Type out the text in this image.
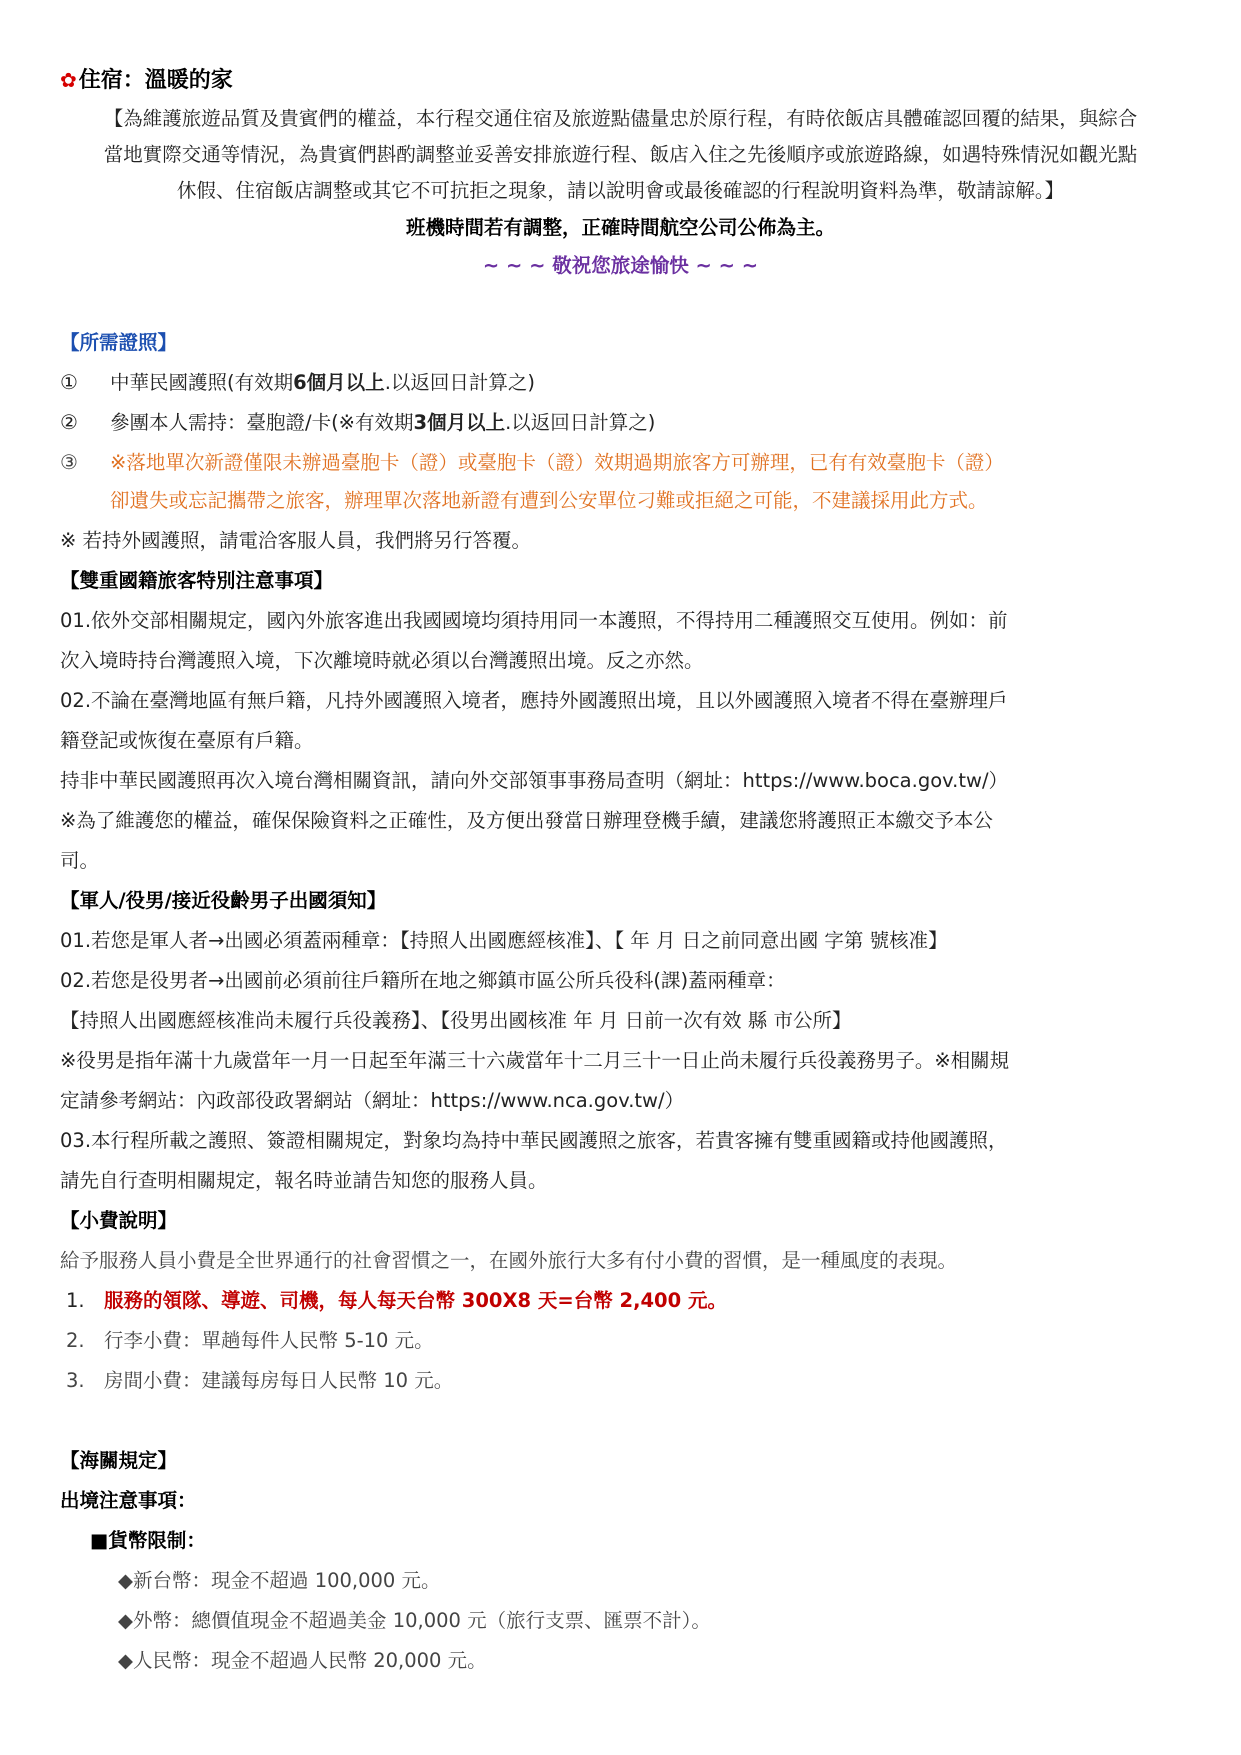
✿住宿：溫暖的家
【為維護旅遊品質及貴賓們的權益，本行程交通住宿及旅遊點儘量忠於原行程，有時依飯店具體確認回覆的結果，與綜合
當地實際交通等情況，為貴賓們斟酌調整並妥善安排旅遊行程、飯店入住之先後順序或旅遊路線，如遇特殊情況如觀光點
休假、住宿飯店調整或其它不可抗拒之現象，請以說明會或最後確認的行程說明資料為準，敬請諒解。】
班機時間若有調整，正確時間航空公司公佈為主。
~ ~ ~ 敬祝您旅途愉快 ~ ~ ~
【所需證照】
① 中華民國護照(有效期6個月以上.以返回日計算之)
② 參團本人需持：臺胞證/卡(※有效期3個月以上.以返回日計算之)
③ ※落地單次新證僅限未辦過臺胞卡（證）或臺胞卡（證）效期過期旅客方可辦理，已有有效臺胞卡（證）
卻遺失或忘記攜帶之旅客，辦理單次落地新證有遭到公安單位刁難或拒絕之可能，不建議採用此方式。
※ 若持外國護照，請電洽客服人員，我們將另行答覆。
【雙重國籍旅客特別注意事項】
01.依外交部相關規定，國內外旅客進出我國國境均須持用同一本護照，不得持用二種護照交互使用。例如：前
次入境時持台灣護照入境，下次離境時就必須以台灣護照出境。反之亦然。
02.不論在臺灣地區有無戶籍，凡持外國護照入境者，應持外國護照出境，且以外國護照入境者不得在臺辦理戶
籍登記或恢復在臺原有戶籍。
持非中華民國護照再次入境台灣相關資訊，請向外交部領事事務局查明（網址：https://www.boca.gov.tw/）
※為了維護您的權益，確保保險資料之正確性，及方便出發當日辦理登機手續，建議您將護照正本繳交予本公
司。
【軍人/役男/接近役齡男子出國須知】
01.若您是軍人者→出國必須蓋兩種章：【持照人出國應經核准】、【 年 月 日之前同意出國 字第 號核准】
02.若您是役男者→出國前必須前往戶籍所在地之鄉鎮市區公所兵役科(課)蓋兩種章：
【持照人出國應經核准尚未履行兵役義務】、【役男出國核准 年 月 日前一次有效 縣 市公所】
※役男是指年滿十九歲當年一月一日起至年滿三十六歲當年十二月三十一日止尚未履行兵役義務男子。※相關規
定請參考網站：內政部役政署網站（網址：https://www.nca.gov.tw/）
03.本行程所載之護照、簽證相關規定，對象均為持中華民國護照之旅客，若貴客擁有雙重國籍或持他國護照，
請先自行查明相關規定，報名時並請告知您的服務人員。
【小費說明】
給予服務人員小費是全世界通行的社會習慣之一，在國外旅行大多有付小費的習慣，是一種風度的表現。
1. 服務的領隊、導遊、司機，每人每天台幣 300X8 天=台幣 2,400 元。
2. 行李小費：單趟每件人民幣 5-10 元。
3. 房間小費：建議每房每日人民幣 10 元。
【海關規定】
出境注意事項：
■貨幣限制：
◆新台幣：現金不超過 100,000 元。
◆外幣：總價值現金不超過美金 10,000 元（旅行支票、匯票不計）。
◆人民幣：現金不超過人民幣 20,000 元。
